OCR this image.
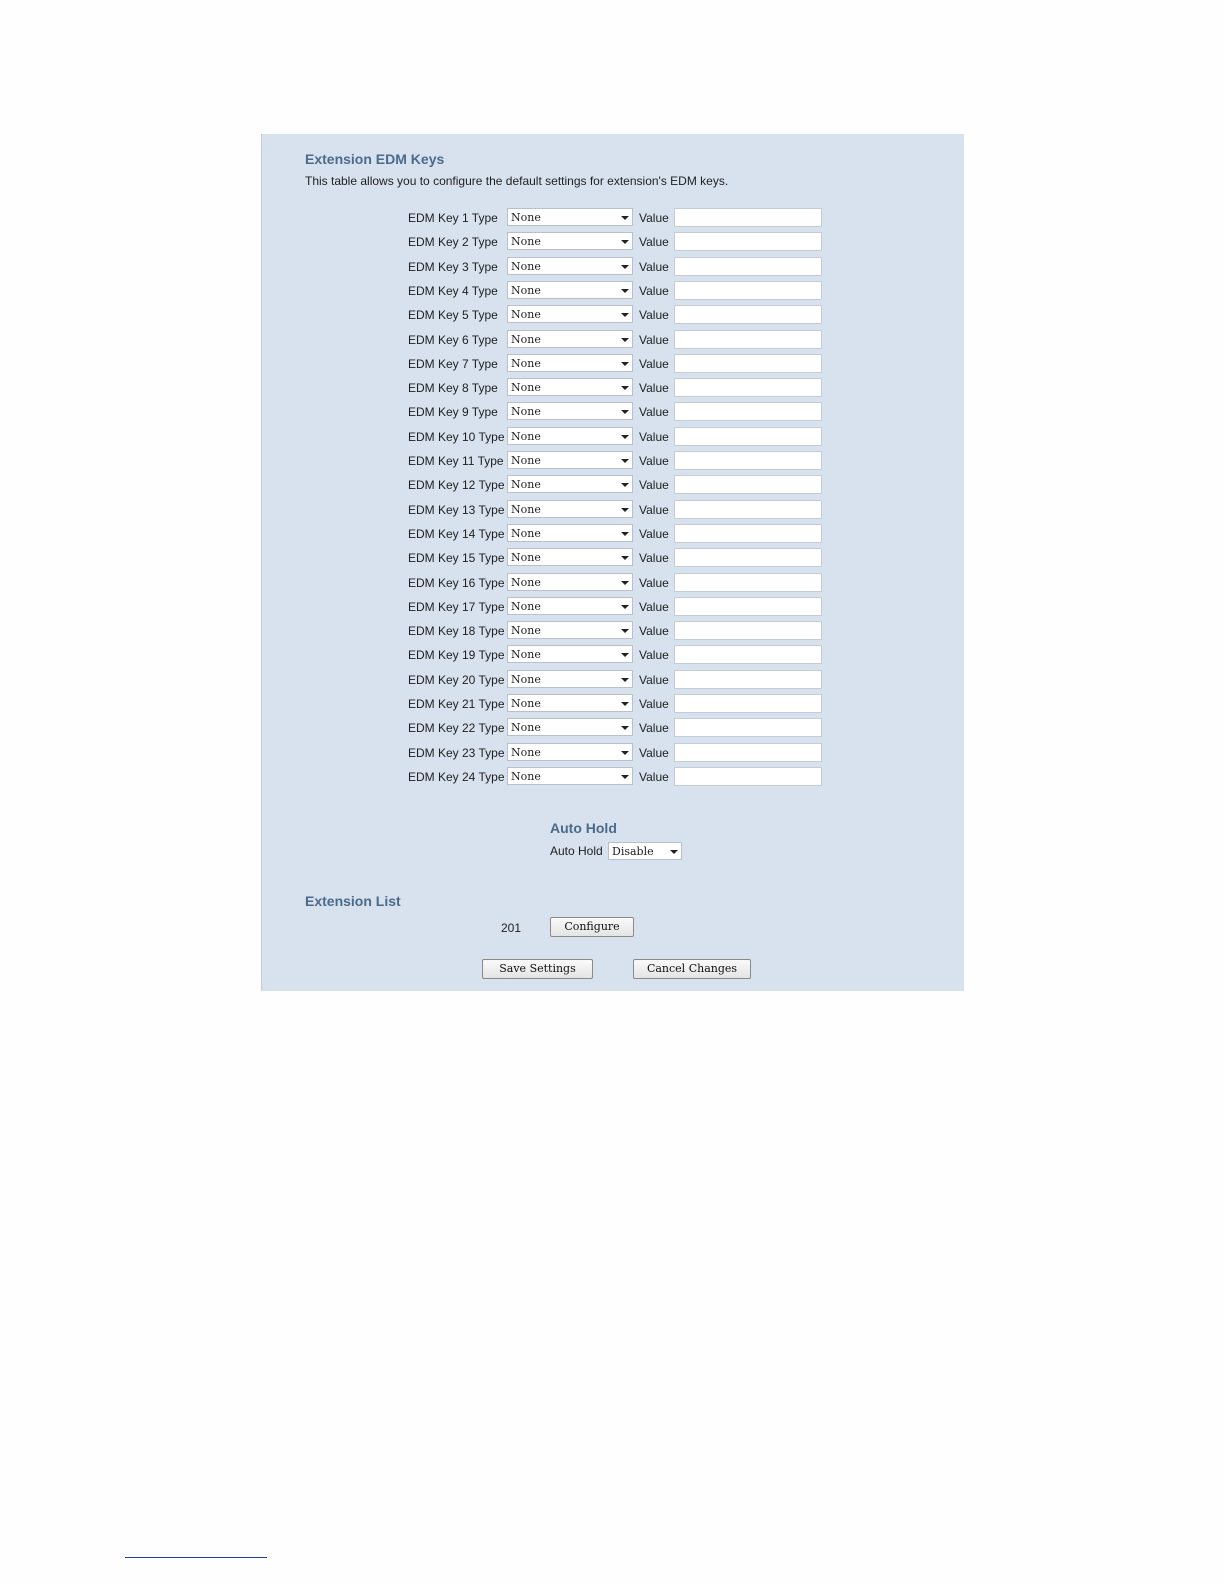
Extension EDM Keys
This table allows you to configure the default settings for extension's EDM keys.
EDM Key 1 Type None	Value
EDM Key 2 Type None	Value
EDM Key 3 Type None	Value
EDM Key 4 Type None	Value
EDM Key 5 Type None	Value
EDM Key 6 Type None	Value
EDM Key 7 Type None	Value
EDM Key 8 Type None	Value
EDM Key 9 Type None	Value
EDM Key 10 Type None	Value
EDM Key 11 Type None	Value
EDM Key 12 Type None	Value
EDM Key 13 Type None	Value
EDM Key 14 Type None	Value
EDM Key 15 Type None	Value
EDM Key 16 Type None	Value
EDM Key 17 Type None	Value
EDM Key 18 Type None	Value
EDM Key 19 Type None	Value
EDM Key 20 Type None	Value
EDM Key 21 Type None	Value
EDM Key 22 Type None	Value
EDM Key 23 Type None	Value
EDM Key 24 Type None	Value
Auto Hold
Auto Hold Disable
Extension List
201	Configure
Save Settings	Cancel Changes
